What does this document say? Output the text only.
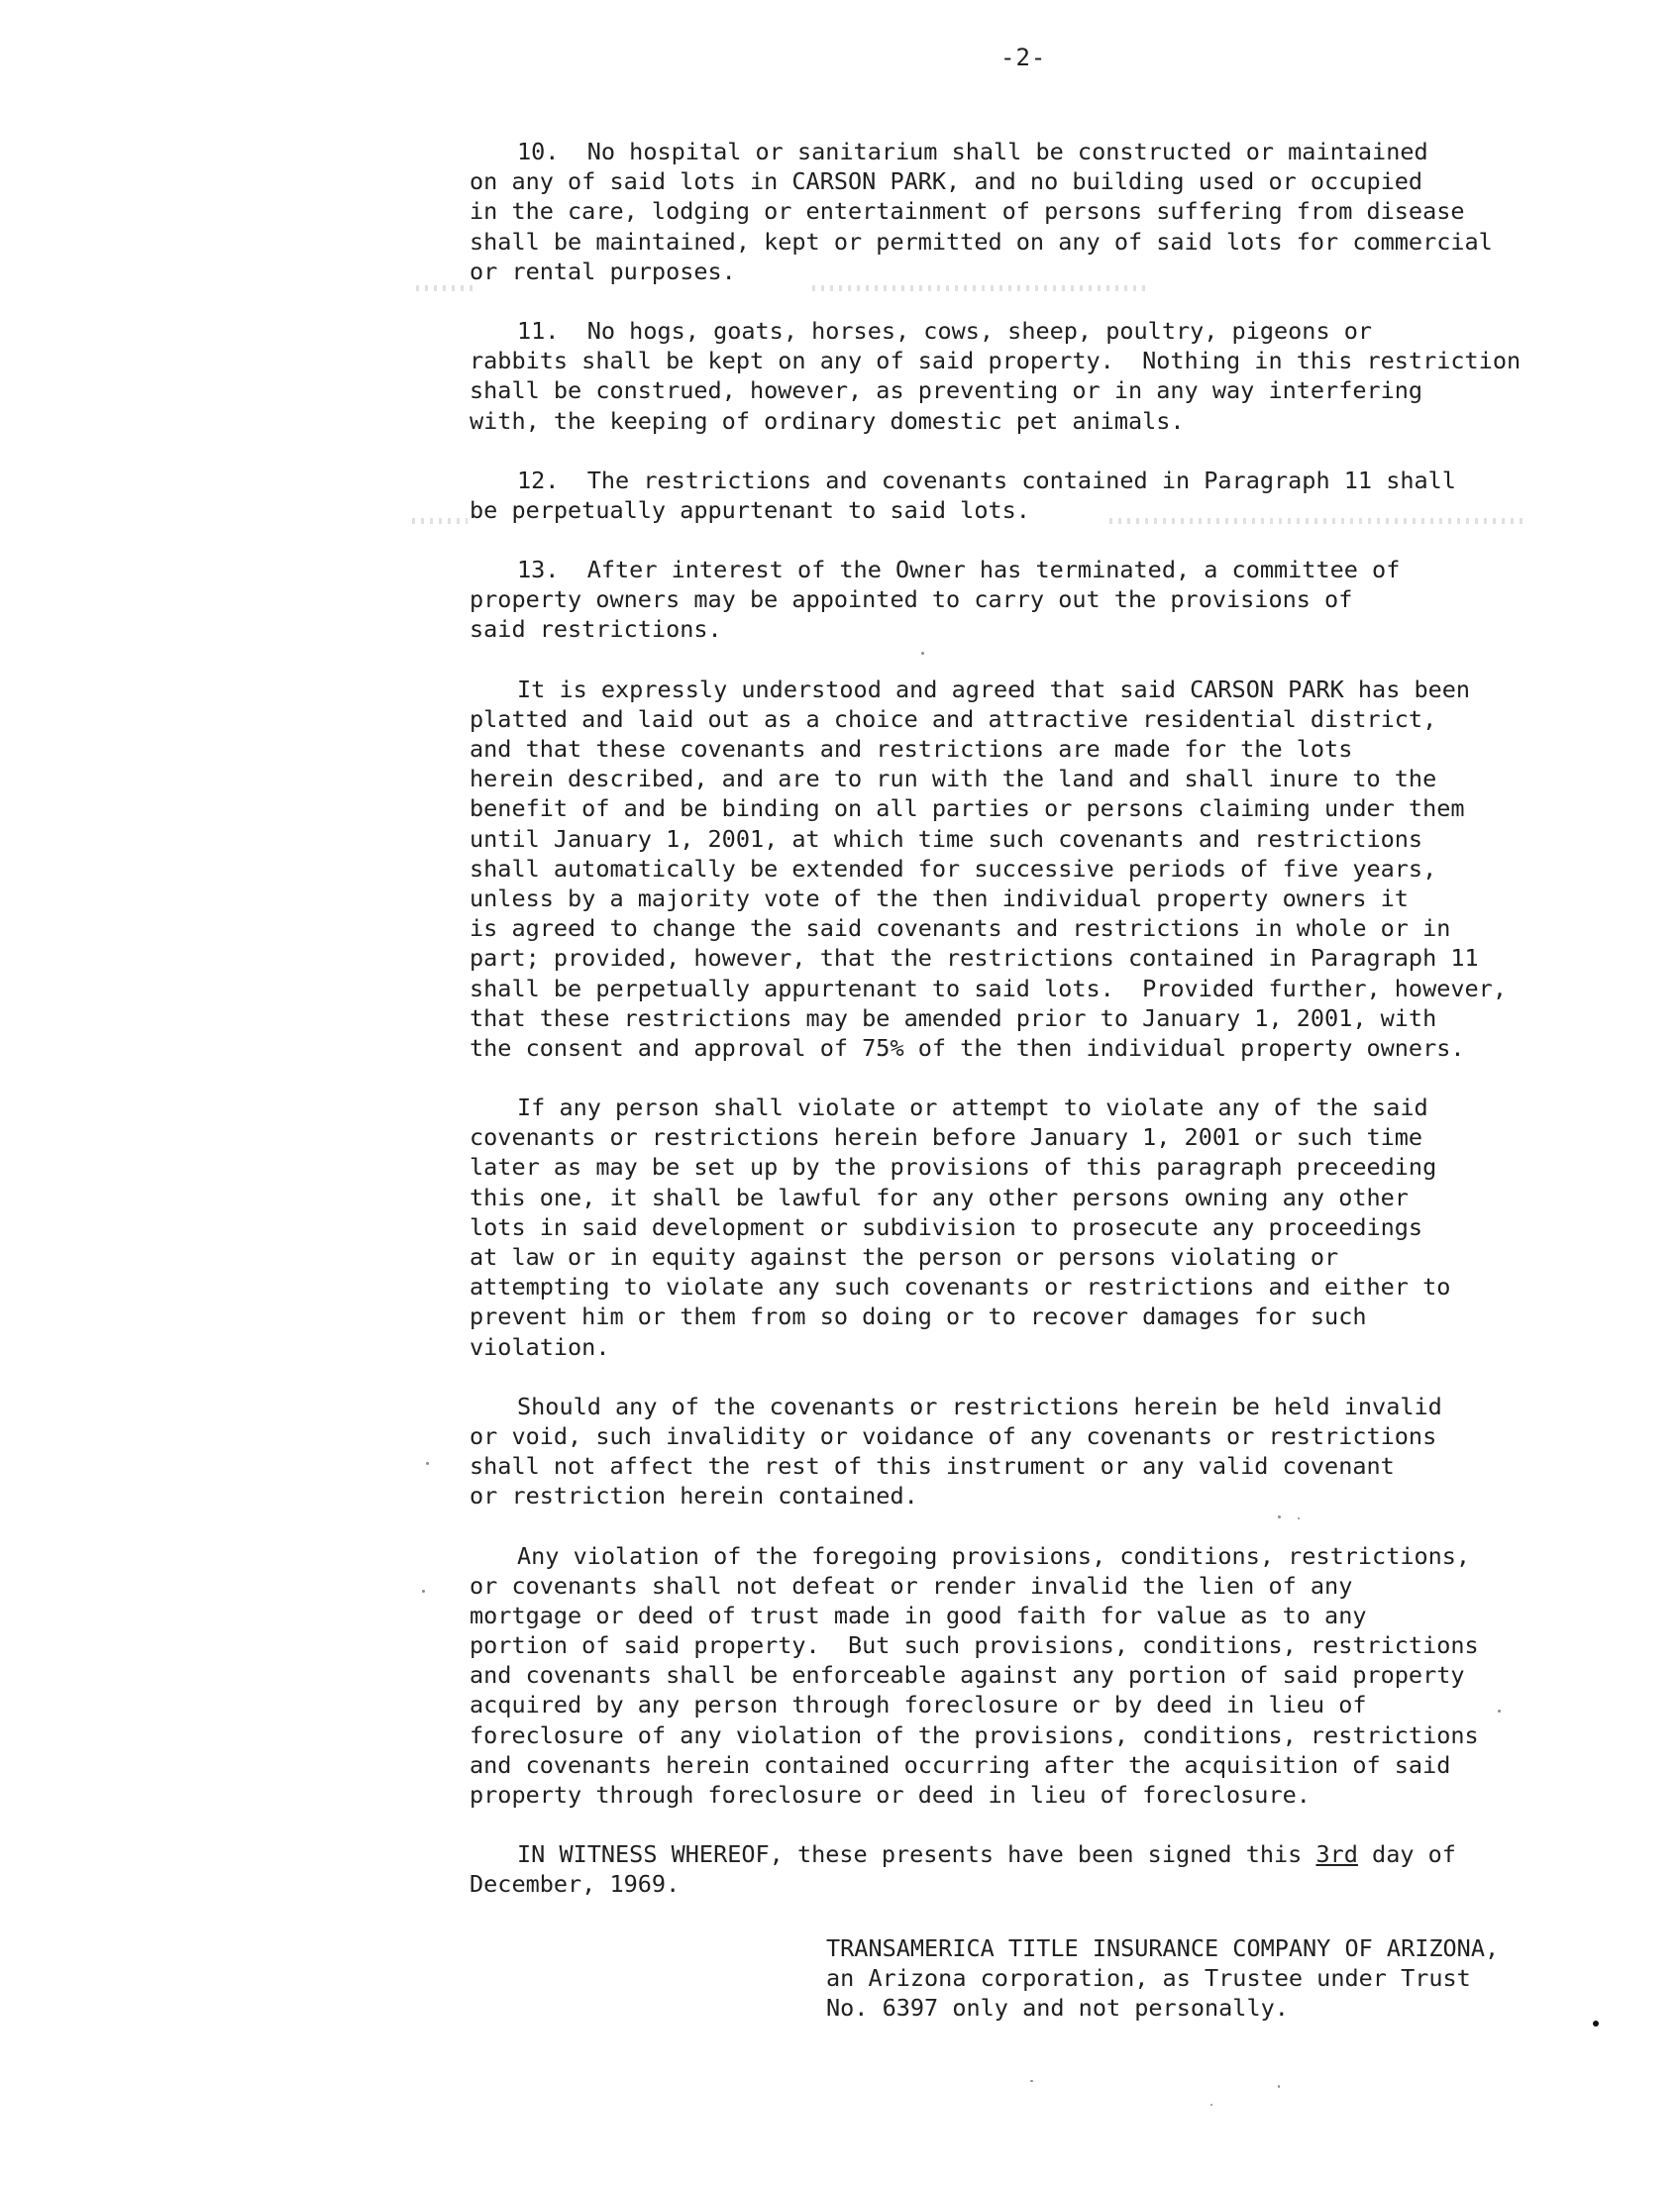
-2-
10.  No hospital or sanitarium shall be constructed or maintained
on any of said lots in CARSON PARK, and no building used or occupied
in the care, lodging or entertainment of persons suffering from disease
shall be maintained, kept or permitted on any of said lots for commercial
or rental purposes.
11.  No hogs, goats, horses, cows, sheep, poultry, pigeons or
rabbits shall be kept on any of said property.  Nothing in this restriction
shall be construed, however, as preventing or in any way interfering
with, the keeping of ordinary domestic pet animals.
12.  The restrictions and covenants contained in Paragraph 11 shall
be perpetually appurtenant to said lots.
13.  After interest of the Owner has terminated, a committee of
property owners may be appointed to carry out the provisions of
said restrictions.
It is expressly understood and agreed that said CARSON PARK has been
platted and laid out as a choice and attractive residential district,
and that these covenants and restrictions are made for the lots
herein described, and are to run with the land and shall inure to the
benefit of and be binding on all parties or persons claiming under them
until January 1, 2001, at which time such covenants and restrictions
shall automatically be extended for successive periods of five years,
unless by a majority vote of the then individual property owners it
is agreed to change the said covenants and restrictions in whole or in
part; provided, however, that the restrictions contained in Paragraph 11
shall be perpetually appurtenant to said lots.  Provided further, however,
that these restrictions may be amended prior to January 1, 2001, with
the consent and approval of 75% of the then individual property owners.
If any person shall violate or attempt to violate any of the said
covenants or restrictions herein before January 1, 2001 or such time
later as may be set up by the provisions of this paragraph preceeding
this one, it shall be lawful for any other persons owning any other
lots in said development or subdivision to prosecute any proceedings
at law or in equity against the person or persons violating or
attempting to violate any such covenants or restrictions and either to
prevent him or them from so doing or to recover damages for such
violation.
Should any of the covenants or restrictions herein be held invalid
or void, such invalidity or voidance of any covenants or restrictions
shall not affect the rest of this instrument or any valid covenant
or restriction herein contained.
Any violation of the foregoing provisions, conditions, restrictions,
or covenants shall not defeat or render invalid the lien of any
mortgage or deed of trust made in good faith for value as to any
portion of said property.  But such provisions, conditions, restrictions
and covenants shall be enforceable against any portion of said property
acquired by any person through foreclosure or by deed in lieu of
foreclosure of any violation of the provisions, conditions, restrictions
and covenants herein contained occurring after the acquisition of said
property through foreclosure or deed in lieu of foreclosure.
IN WITNESS WHEREOF, these presents have been signed this 3rd day of
December, 1969.
TRANSAMERICA TITLE INSURANCE COMPANY OF ARIZONA,
an Arizona corporation, as Trustee under Trust
No. 6397 only and not personally.
